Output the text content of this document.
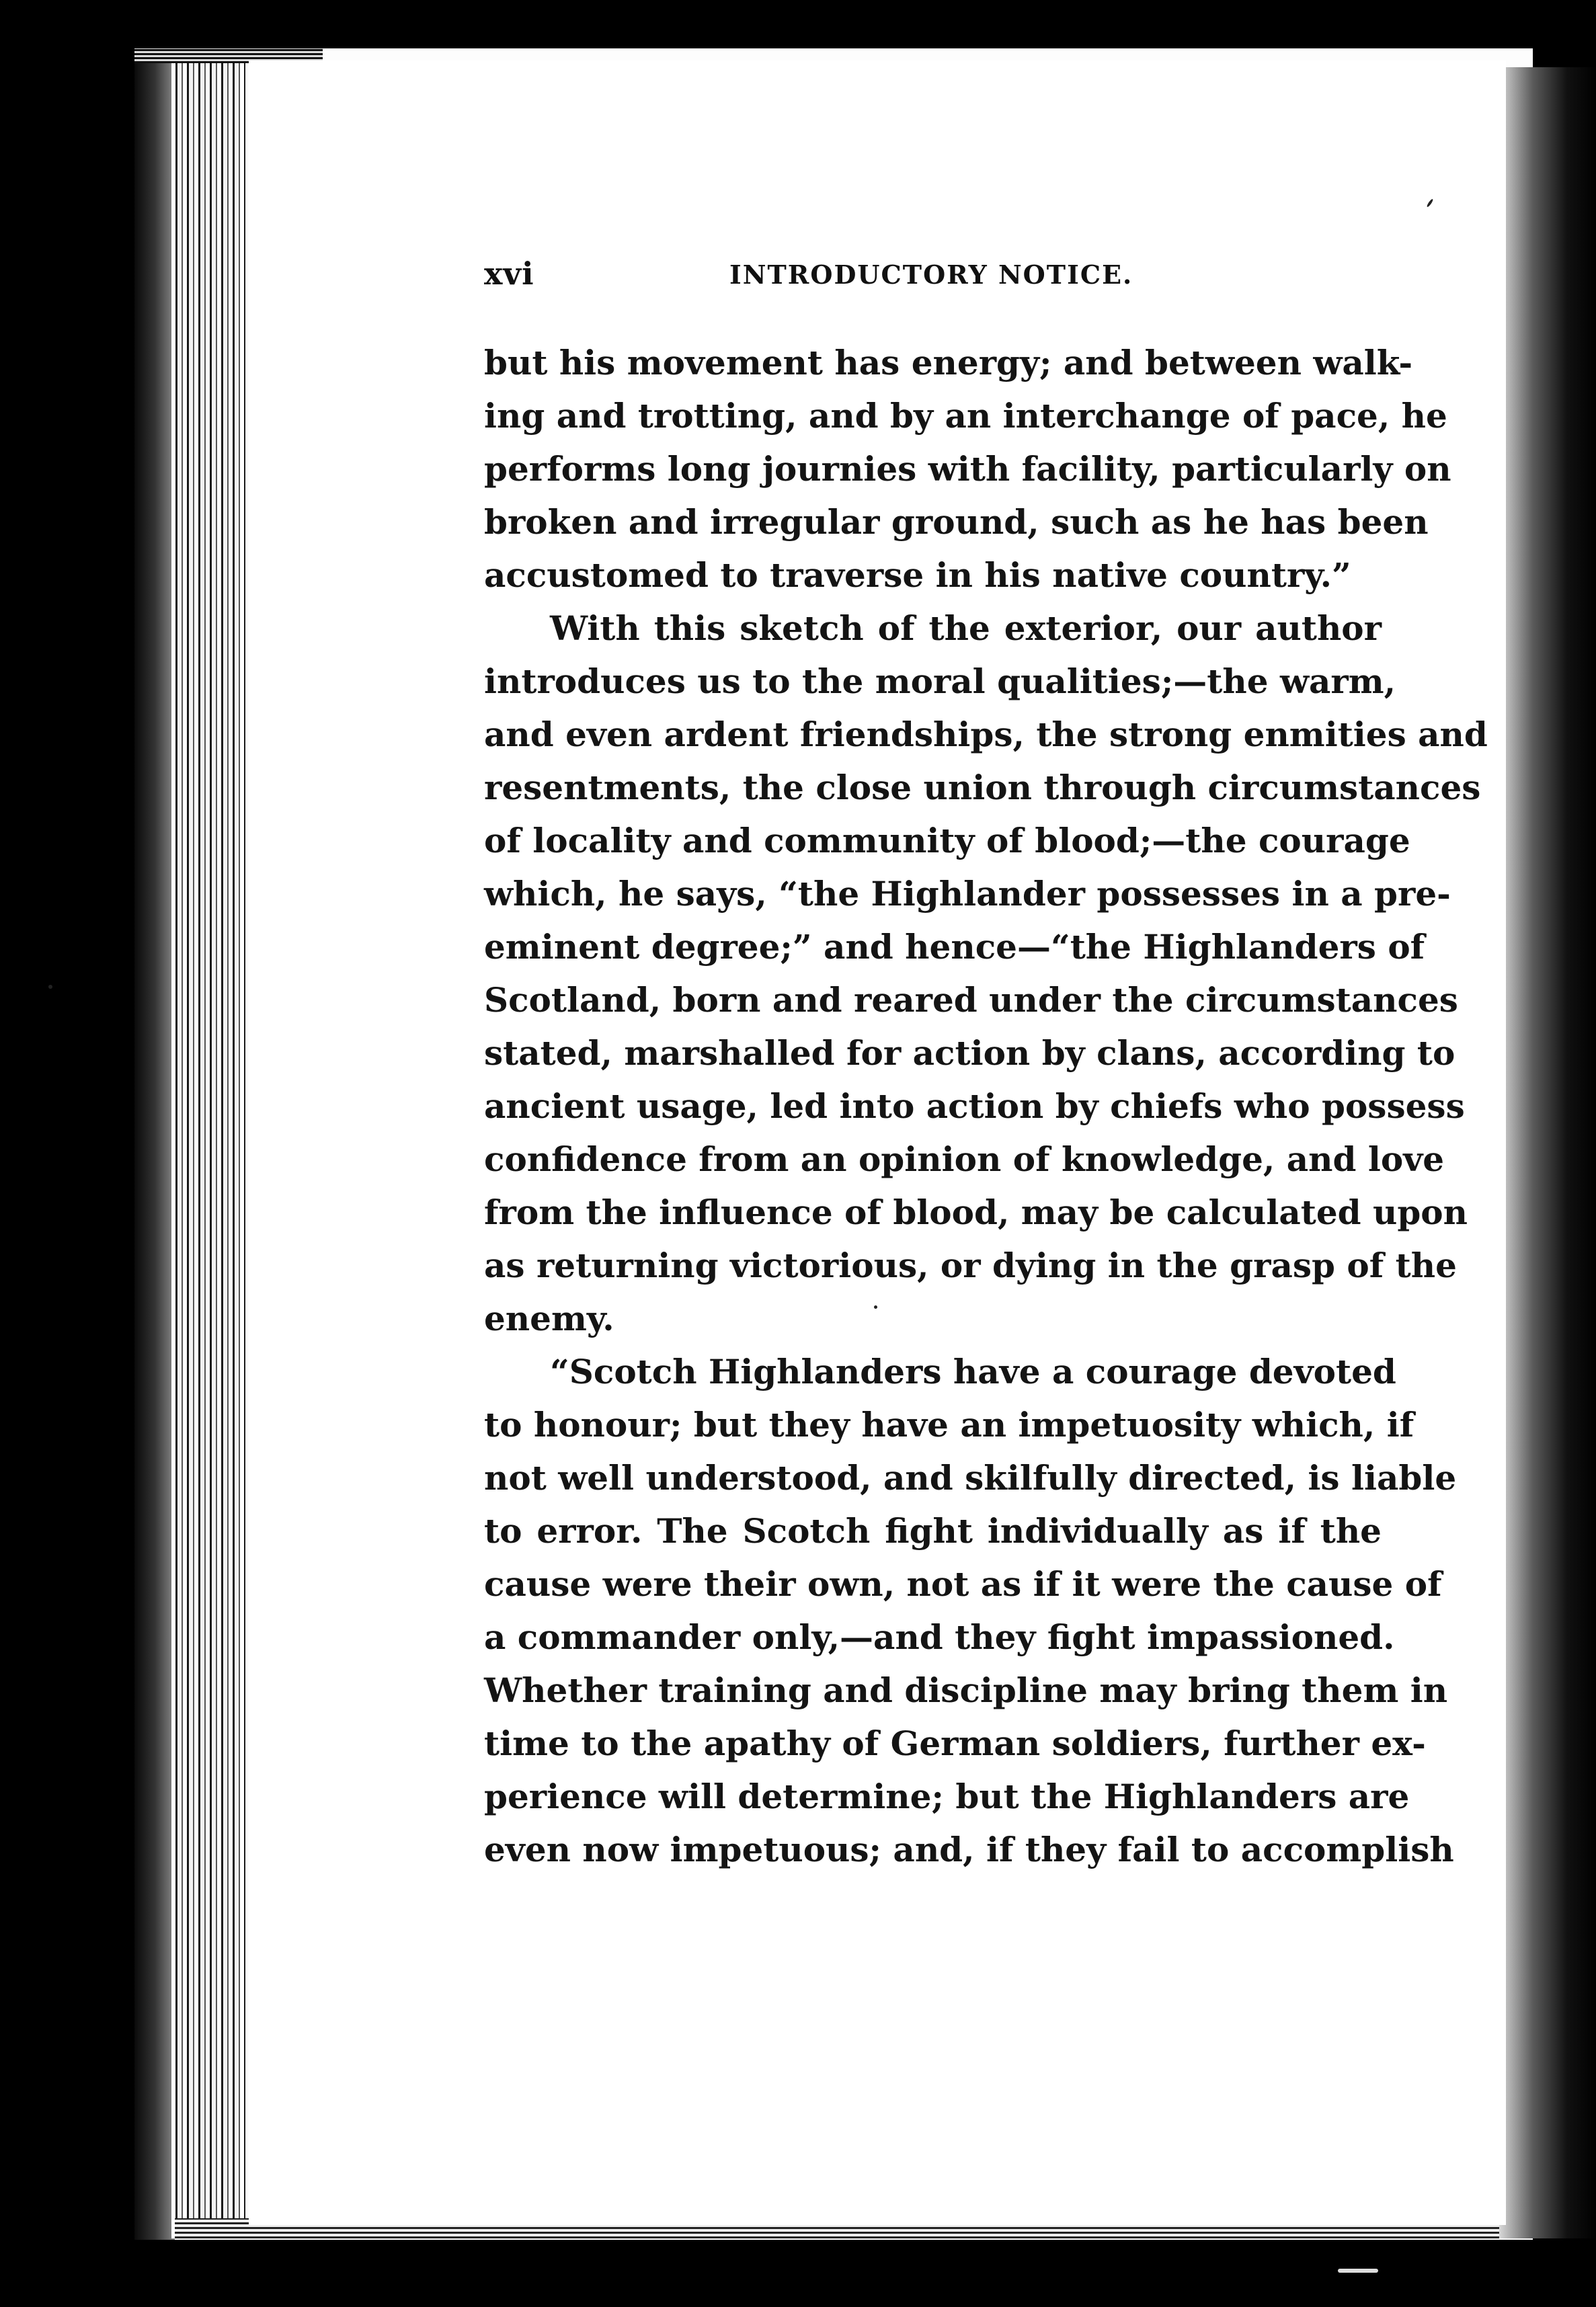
xvi	INTRODUCTORY NOTICE.
but his movement has energy; and between walk-
ing and trotting, and by an interchange of pace, he
performs long journies with facility, particularly on
broken and irregular ground, such as he has been
accustomed to traverse in his native country.”
With this sketch of the exterior, our author
introduces us to the moral qualities;—the warm,
and even ardent friendships, the strong enmities and
resentments, the close union through circumstances
of locality and community of blood;—the courage
which, he says, “the Highlander possesses in a pre-
eminent degree;” and hence—“the Highlanders of
Scotland, born and reared under the circumstances
stated, marshalled for action by clans, according to
ancient usage, led into action by chiefs who possess
confidence from an opinion of knowledge, and love
from the influence of blood, may be calculated upon
as returning victorious, or dying in the grasp of the
enemy.
“Scotch Highlanders have a courage devoted
to honour; but they have an impetuosity which, if
not well understood, and skilfully directed, is liable
to error. The Scotch fight individually as if the
cause were their own, not as if it were the cause of
a commander only,—and they fight impassioned.
Whether training and discipline may bring them in
time to the apathy of German soldiers, further ex-
perience will determine; but the Highlanders are
even now impetuous; and, if they fail to accomplish
